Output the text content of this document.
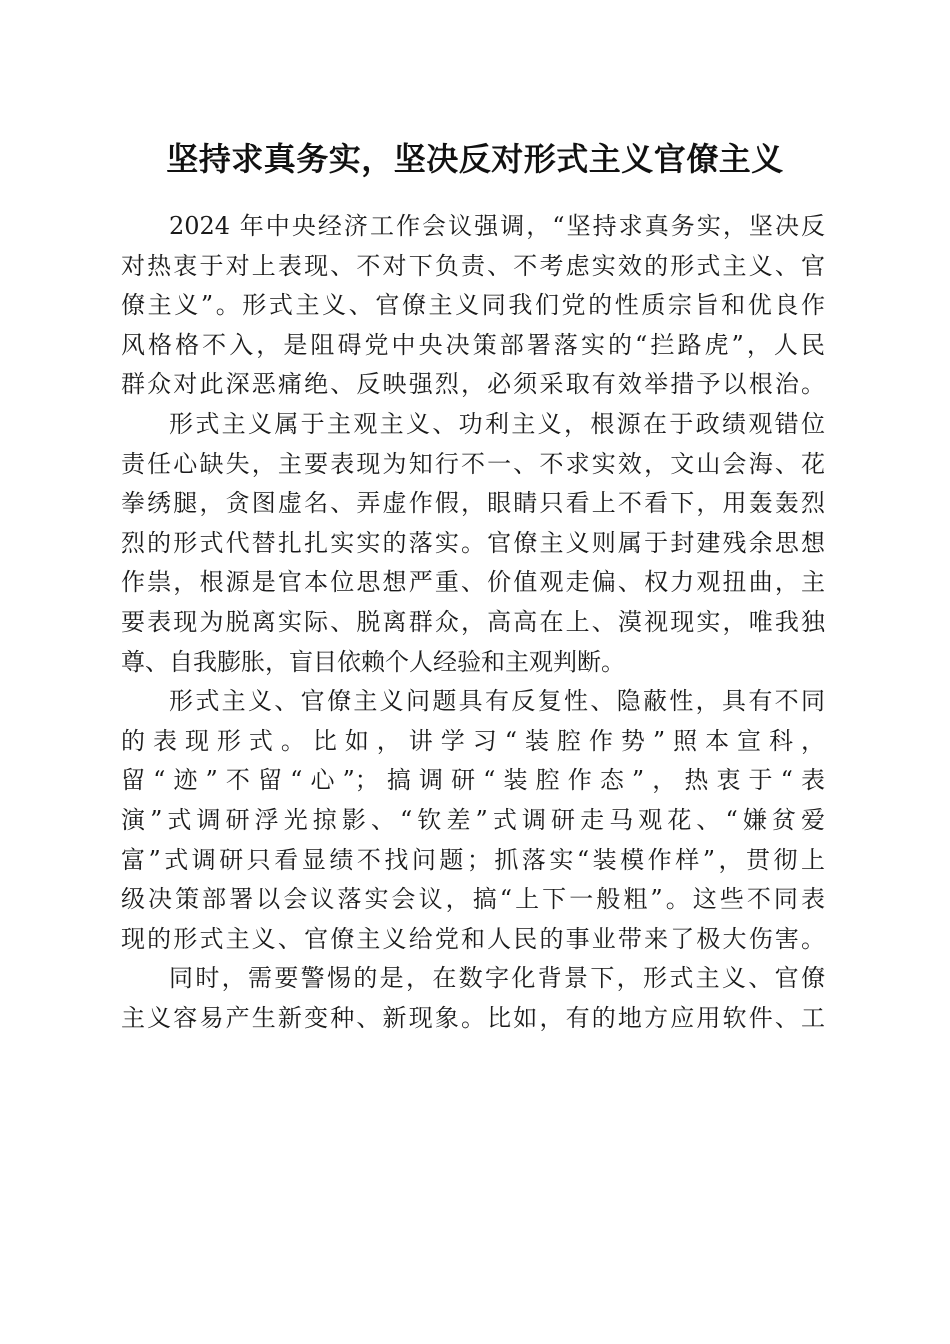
坚持求真务实，坚决反对形式主义官僚主义
2024 年中央经济工作会议强调，“坚持求真务实，坚决反
对热衷于对上表现、不对下负责、不考虑实效的形式主义、官
僚主义”。形式主义、官僚主义同我们党的性质宗旨和优良作
风格格不入，是阻碍党中央决策部署落实的“拦路虎”，人民
群众对此深恶痛绝、反映强烈，必须采取有效举措予以根治。
形式主义属于主观主义、功利主义，根源在于政绩观错位
责任心缺失，主要表现为知行不一、不求实效，文山会海、花
拳绣腿，贪图虚名、弄虚作假，眼睛只看上不看下，用轰轰烈
烈的形式代替扎扎实实的落实。官僚主义则属于封建残余思想
作祟，根源是官本位思想严重、价值观走偏、权力观扭曲，主
要表现为脱离实际、脱离群众，高高在上、漠视现实，唯我独
尊、自我膨胀，盲目依赖个人经验和主观判断。
形式主义、官僚主义问题具有反复性、隐蔽性，具有不同
的表现形式。比如，讲学习“装腔作势”照本宣科，
留“迹”不留“心”；搞调研“装腔作态”，热衷于“表
演”式调研浮光掠影、“钦差”式调研走马观花、“嫌贫爱
富”式调研只看显绩不找问题；抓落实“装模作样”，贯彻上
级决策部署以会议落实会议，搞“上下一般粗”。这些不同表
现的形式主义、官僚主义给党和人民的事业带来了极大伤害。
同时，需要警惕的是，在数字化背景下，形式主义、官僚
主义容易产生新变种、新现象。比如，有的地方应用软件、工
